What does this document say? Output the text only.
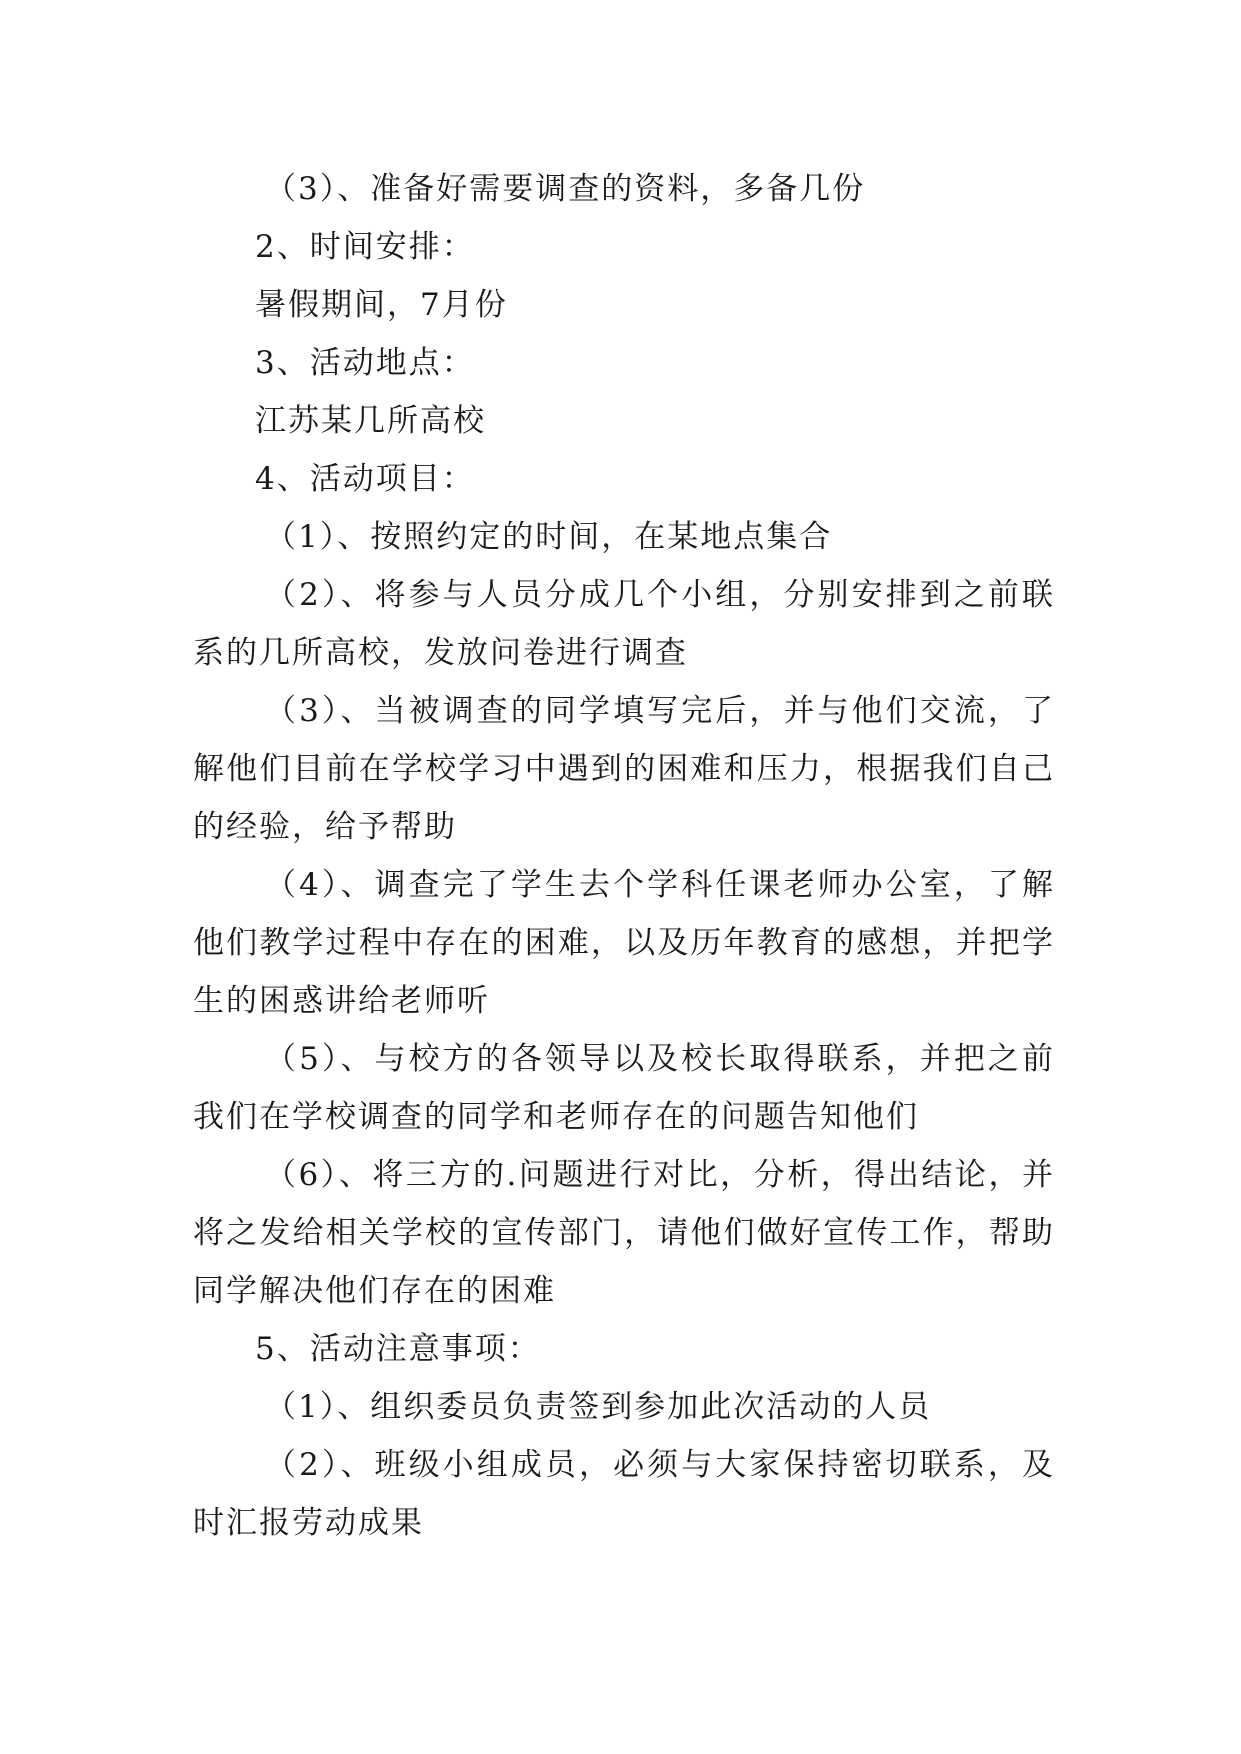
（3）、准备好需要调查的资料，多备几份

2、时间安排：

暑假期间，7月份

3、活动地点：

江苏某几所高校

4、活动项目：

（1）、按照约定的时间，在某地点集合

（2）、将参与人员分成几个小组，分别安排到之前联系的几所高校，发放问卷进行调查

（3）、当被调查的同学填写完后，并与他们交流，了解他们目前在学校学习中遇到的困难和压力，根据我们自己的经验，给予帮助

（4）、调查完了学生去个学科任课老师办公室，了解他们教学过程中存在的困难，以及历年教育的感想，并把学生的困惑讲给老师听

（5）、与校方的各领导以及校长取得联系，并把之前我们在学校调查的同学和老师存在的问题告知他们

（6）、将三方的.问题进行对比，分析，得出结论，并将之发给相关学校的宣传部门，请他们做好宣传工作，帮助同学解决他们存在的困难

5、活动注意事项：

（1）、组织委员负责签到参加此次活动的人员

（2）、班级小组成员，必须与大家保持密切联系，及时汇报劳动成果
